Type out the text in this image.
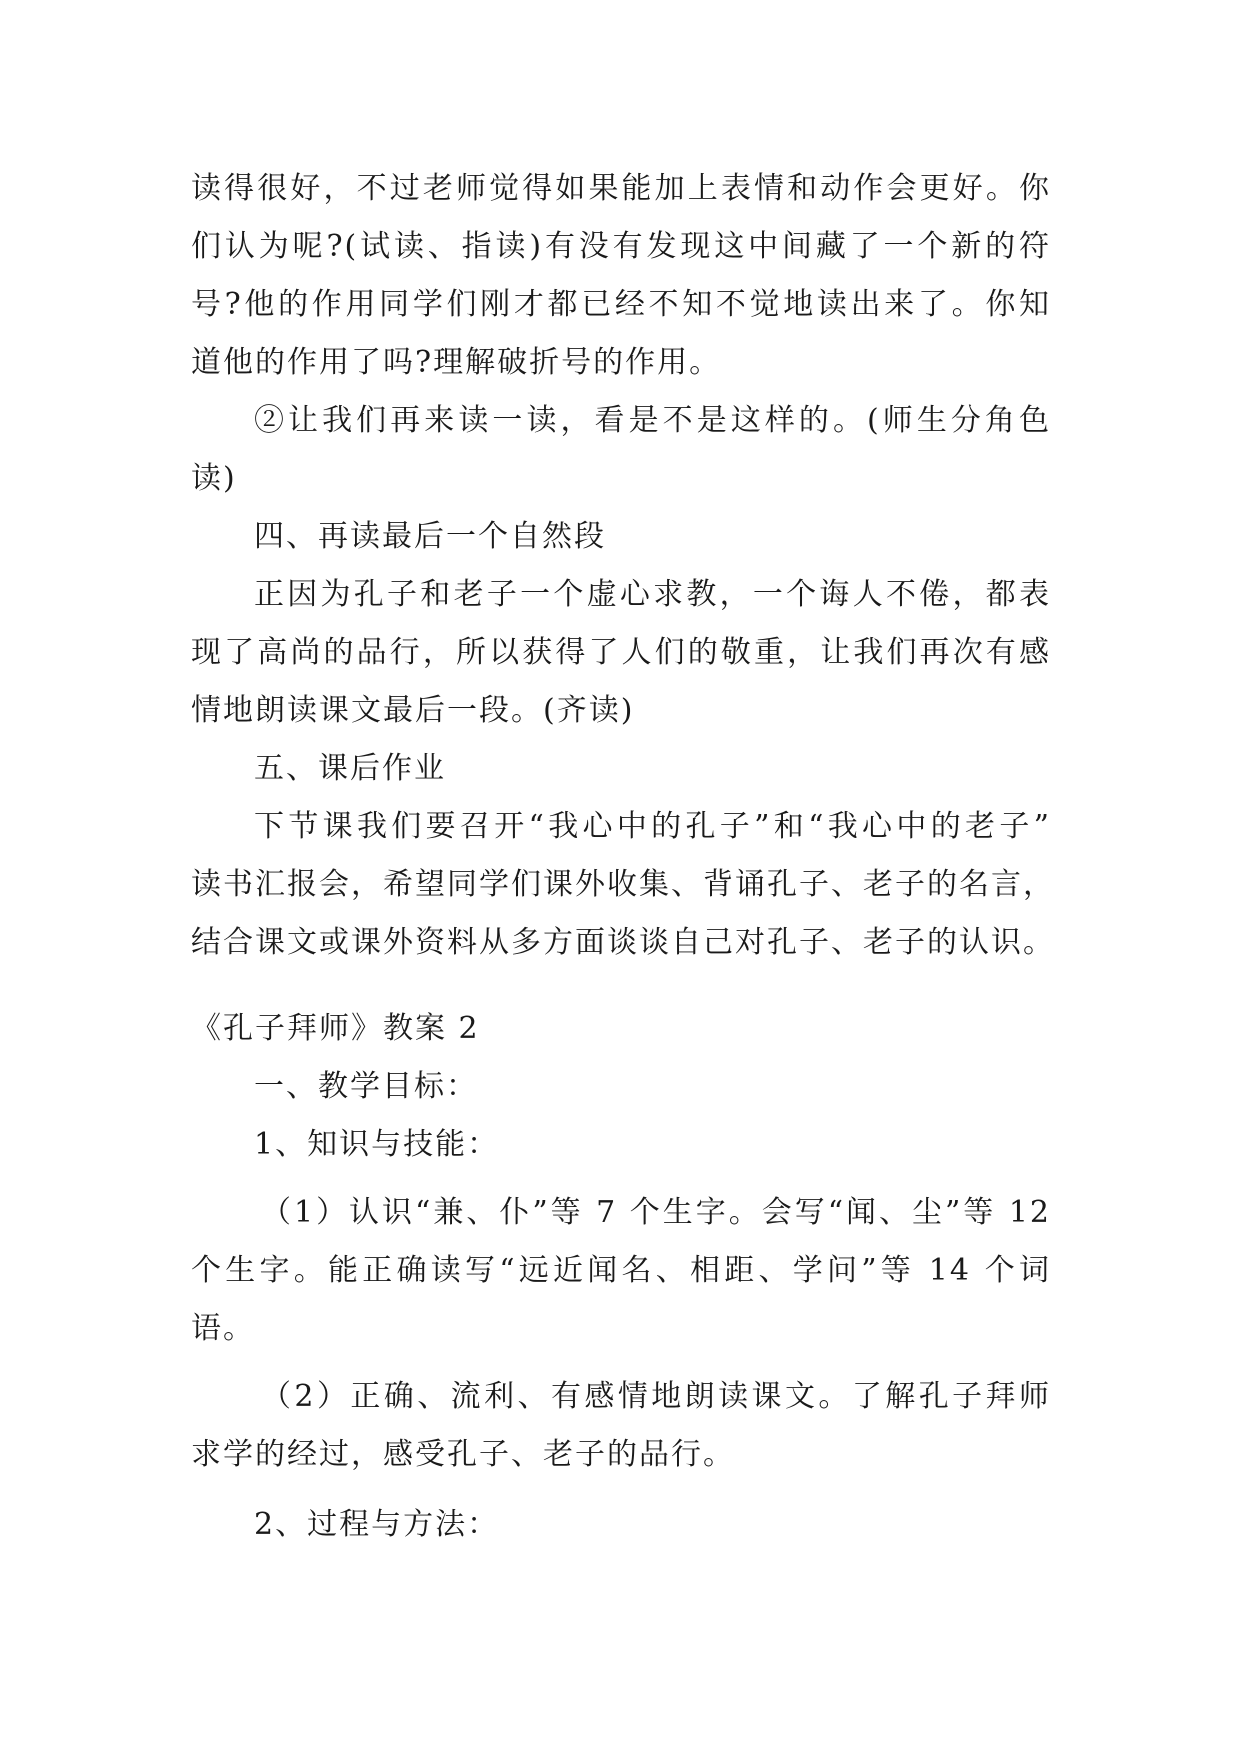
读得很好，不过老师觉得如果能加上表情和动作会更好。你

们认为呢?(试读、指读)有没有发现这中间藏了一个新的符

号?他的作用同学们刚才都已经不知不觉地读出来了。你知

道他的作用了吗?理解破折号的作用。

②让我们再来读一读，看是不是这样的。(师生分角色

读)

四、再读最后一个自然段

正因为孔子和老子一个虚心求教，一个诲人不倦，都表

现了高尚的品行，所以获得了人们的敬重，让我们再次有感

情地朗读课文最后一段。(齐读)

五、课后作业

下节课我们要召开“我心中的孔子”和“我心中的老子”

读书汇报会，希望同学们课外收集、背诵孔子、老子的名言，

结合课文或课外资料从多方面谈谈自己对孔子、老子的认识。

《孔子拜师》教案 2

一、教学目标：

1、知识与技能：

（1）认识“兼、仆”等 7 个生字。会写“闻、尘”等 12

个生字。能正确读写“远近闻名、相距、学问”等 14 个词

语。

（2）正确、流利、有感情地朗读课文。了解孔子拜师

求学的经过，感受孔子、老子的品行。

2、过程与方法：
